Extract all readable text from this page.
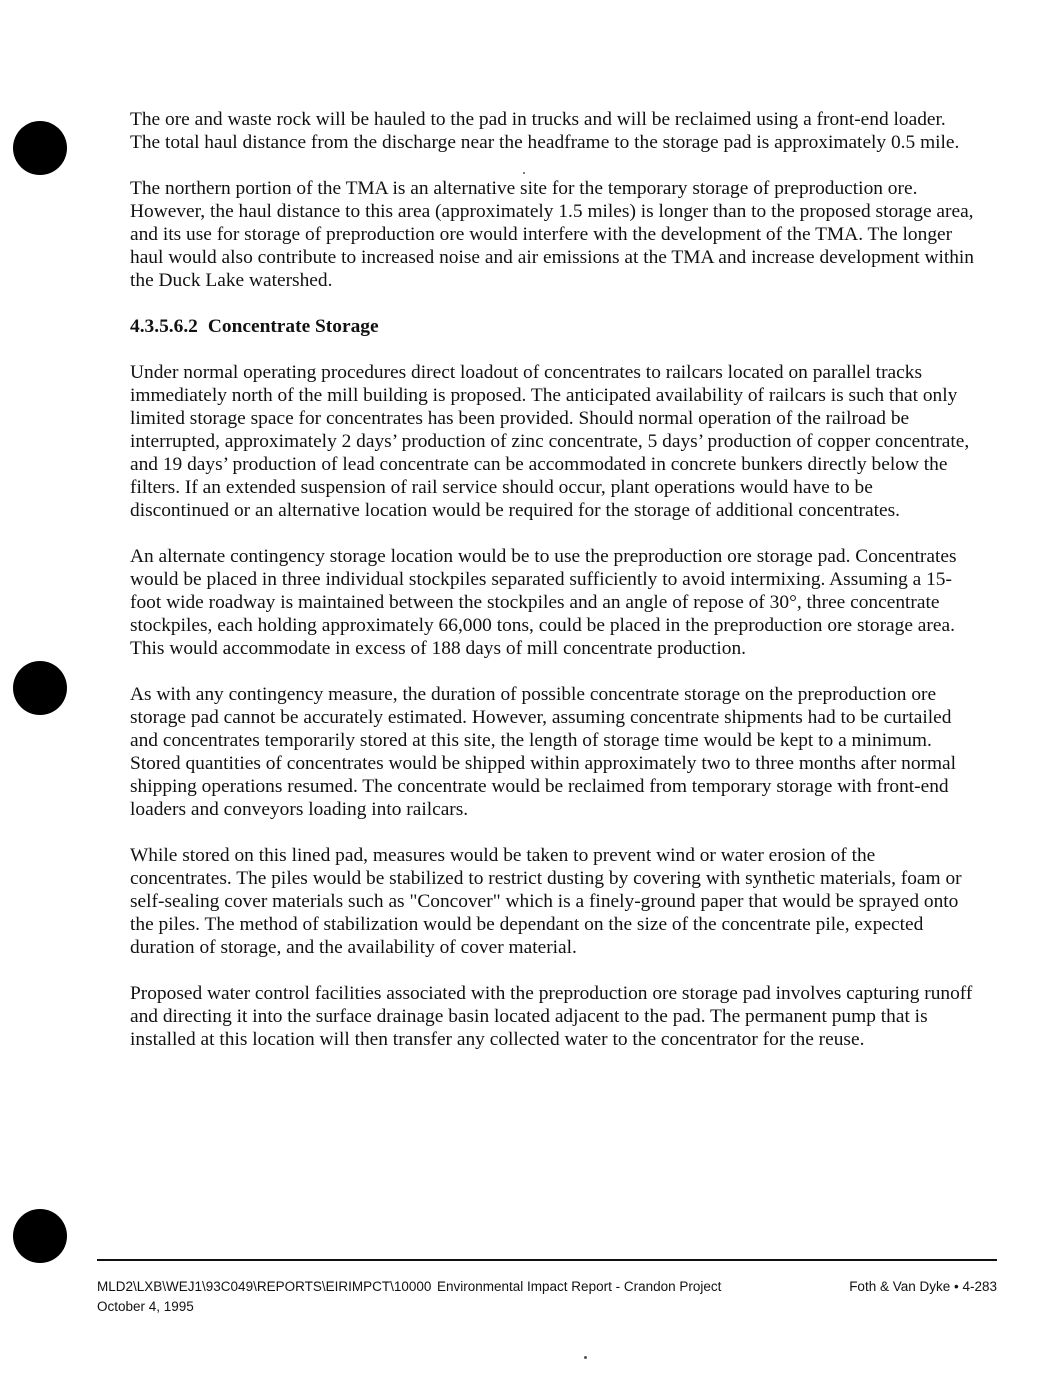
The ore and waste rock will be hauled to the pad in trucks and will be reclaimed using a front-end loader. The total haul distance from the discharge near the headframe to the storage pad is approximately 0.5 mile.

The northern portion of the TMA is an alternative site for the temporary storage of preproduction ore. However, the haul distance to this area (approximately 1.5 miles) is longer than to the proposed storage area, and its use for storage of preproduction ore would interfere with the development of the TMA. The longer haul would also contribute to increased noise and air emissions at the TMA and increase development within the Duck Lake watershed.

4.3.5.6.2 Concentrate Storage

Under normal operating procedures direct loadout of concentrates to railcars located on parallel tracks immediately north of the mill building is proposed. The anticipated availability of railcars is such that only limited storage space for concentrates has been provided. Should normal operation of the railroad be interrupted, approximately 2 days’ production of zinc concentrate, 5 days’ production of copper concentrate, and 19 days’ production of lead concentrate can be accommodated in concrete bunkers directly below the filters. If an extended suspension of rail service should occur, plant operations would have to be discontinued or an alternative location would be required for the storage of additional concentrates.

An alternate contingency storage location would be to use the preproduction ore storage pad. Concentrates would be placed in three individual stockpiles separated sufficiently to avoid intermixing. Assuming a 15-foot wide roadway is maintained between the stockpiles and an angle of repose of 30°, three concentrate stockpiles, each holding approximately 66,000 tons, could be placed in the preproduction ore storage area. This would accommodate in excess of 188 days of mill concentrate production.

As with any contingency measure, the duration of possible concentrate storage on the preproduction ore storage pad cannot be accurately estimated. However, assuming concentrate shipments had to be curtailed and concentrates temporarily stored at this site, the length of storage time would be kept to a minimum. Stored quantities of concentrates would be shipped within approximately two to three months after normal shipping operations resumed. The concentrate would be reclaimed from temporary storage with front-end loaders and conveyors loading into railcars.

While stored on this lined pad, measures would be taken to prevent wind or water erosion of the concentrates. The piles would be stabilized to restrict dusting by covering with synthetic materials, foam or self-sealing cover materials such as "Concover" which is a finely-ground paper that would be sprayed onto the piles. The method of stabilization would be dependant on the size of the concentrate pile, expected duration of storage, and the availability of cover material.

Proposed water control facilities associated with the preproduction ore storage pad involves capturing runoff and directing it into the surface drainage basin located adjacent to the pad. The permanent pump that is installed at this location will then transfer any collected water to the concentrator for the reuse.

MLD2\LXB\WEJ1\93C049\REPORTS\EIRIMPCT\10000 Environmental Impact Report - Crandon Project
October 4, 1995
Foth & Van Dyke • 4-283
